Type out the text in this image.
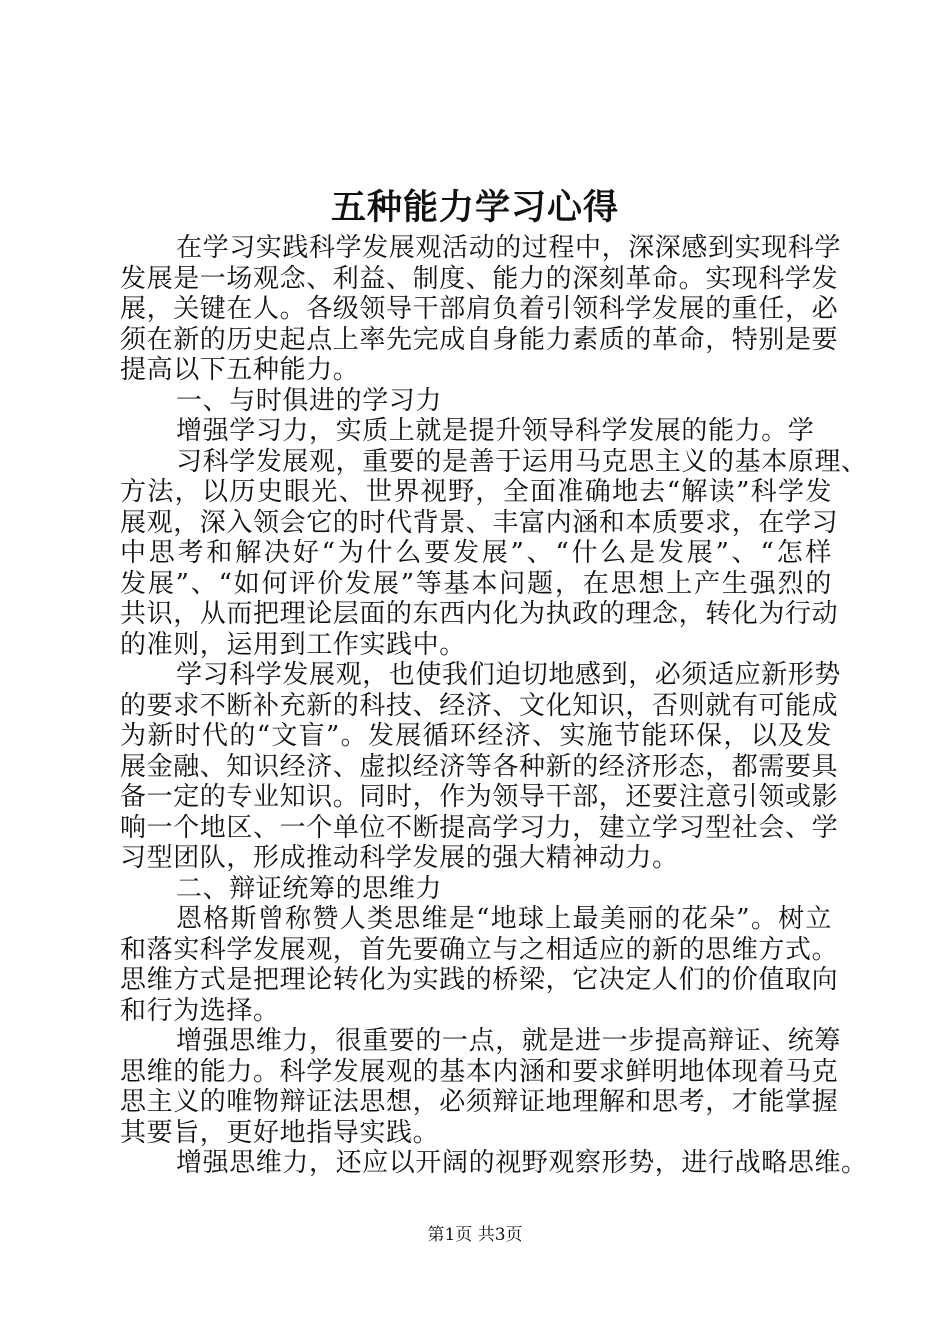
五种能力学习心得
在学习实践科学发展观活动的过程中，深深感到实现科学
发展是一场观念、利益、制度、能力的深刻革命。实现科学发
展，关键在人。各级领导干部肩负着引领科学发展的重任，必
须在新的历史起点上率先完成自身能力素质的革命，特别是要
提高以下五种能力。
一、与时俱进的学习力
增强学习力，实质上就是提升领导科学发展的能力。学
习科学发展观，重要的是善于运用马克思主义的基本原理、
方法，以历史眼光、世界视野，全面准确地去“解读”科学发
展观，深入领会它的时代背景、丰富内涵和本质要求，在学习
中思考和解决好“为什么要发展”、“什么是发展”、“怎样
发展”、“如何评价发展”等基本问题，在思想上产生强烈的
共识，从而把理论层面的东西内化为执政的理念，转化为行动
的准则，运用到工作实践中。
学习科学发展观，也使我们迫切地感到，必须适应新形势
的要求不断补充新的科技、经济、文化知识，否则就有可能成
为新时代的“文盲”。发展循环经济、实施节能环保，以及发
展金融、知识经济、虚拟经济等各种新的经济形态，都需要具
备一定的专业知识。同时，作为领导干部，还要注意引领或影
响一个地区、一个单位不断提高学习力，建立学习型社会、学
习型团队，形成推动科学发展的强大精神动力。
二、辩证统筹的思维力
恩格斯曾称赞人类思维是“地球上最美丽的花朵”。树立
和落实科学发展观，首先要确立与之相适应的新的思维方式。
思维方式是把理论转化为实践的桥梁，它决定人们的价值取向
和行为选择。
增强思维力，很重要的一点，就是进一步提高辩证、统筹
思维的能力。科学发展观的基本内涵和要求鲜明地体现着马克
思主义的唯物辩证法思想，必须辩证地理解和思考，才能掌握
其要旨，更好地指导实践。
增强思维力，还应以开阔的视野观察形势，进行战略思维。
第1页 共3页
